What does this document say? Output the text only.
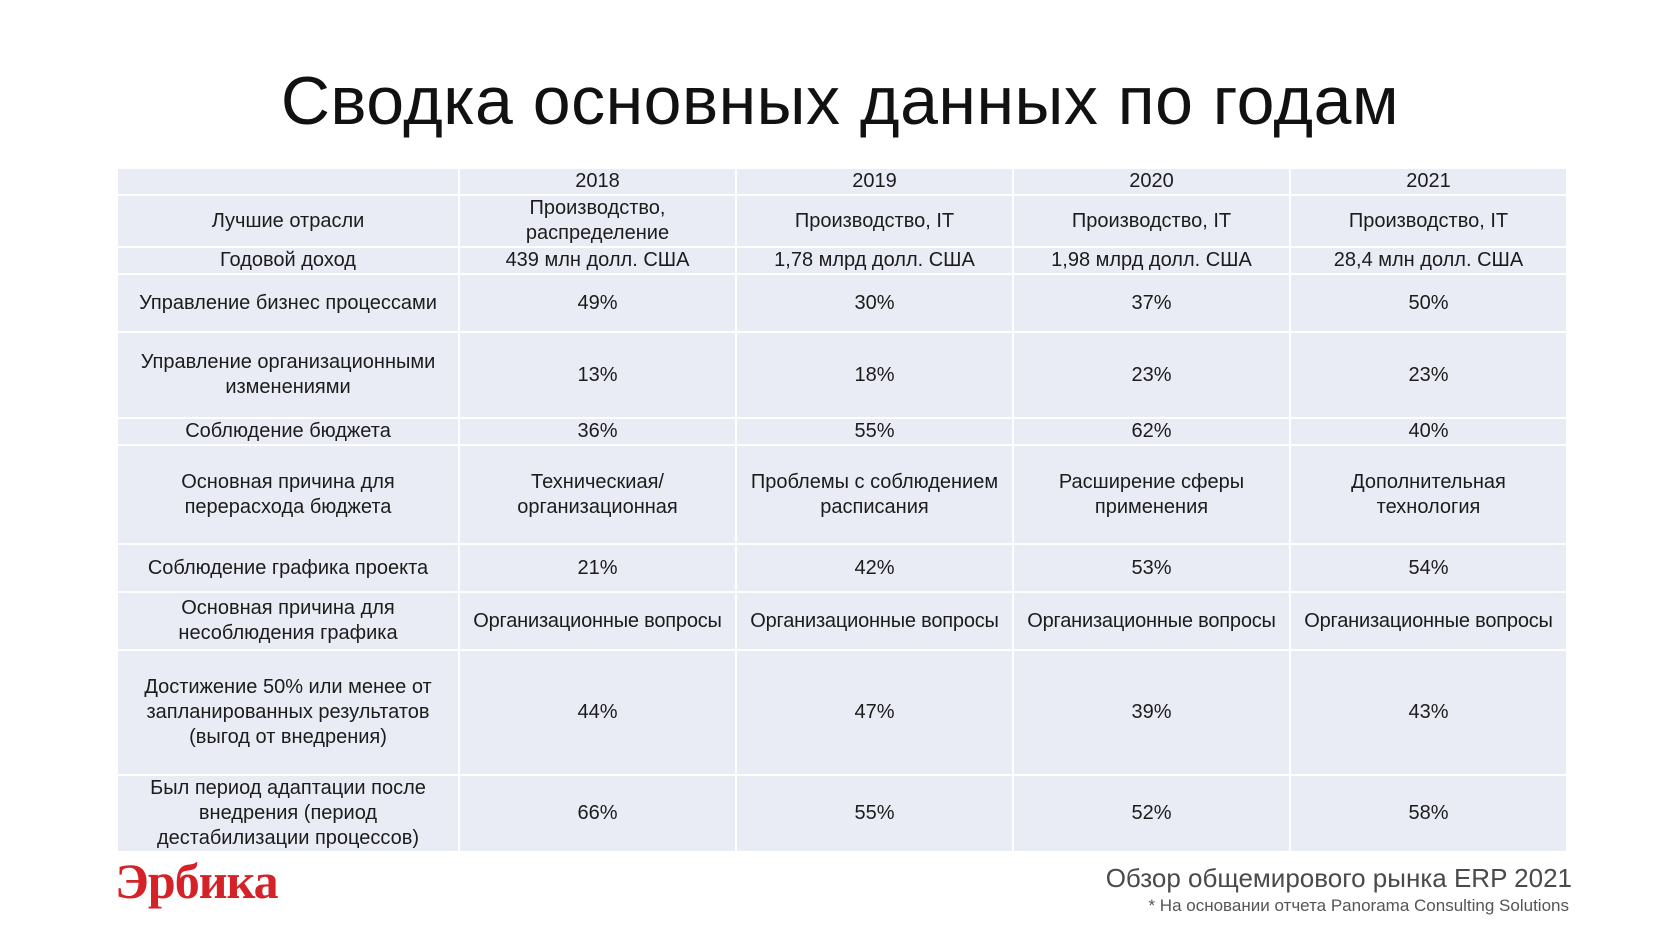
Сводка основных данных по годам
	2018	2019	2020	2021
Лучшие отрасли	Производство, распределение	Производство, IT	Производство, IT	Производство, IT
Годовой доход	439 млн долл. США	1,78 млрд долл. США	1,98 млрд долл. США	28,4 млн долл. США
Управление бизнес процессами	49%	30%	37%	50%
Управление организационными изменениями	13%	18%	23%	23%
Соблюдение бюджета	36%	55%	62%	40%
Основная причина для перерасхода бюджета	Техническиая/ организационная	Проблемы с соблюдением расписания	Расширение сферы применения	Дополнительная технология
Соблюдение графика проекта	21%	42%	53%	54%
Основная причина для несоблюдения графика	Организационные вопросы	Организационные вопросы	Организационные вопросы	Организационные вопросы
Достижение 50% или менее от запланированных результатов (выгод от внедрения)	44%	47%	39%	43%
Был период адаптации после внедрения (период дестабилизации процессов)	66%	55%	52%	58%
Эрбика	Обзор общемирового рынка ERP 2021
* На основании отчета Panorama Consulting Solutions
